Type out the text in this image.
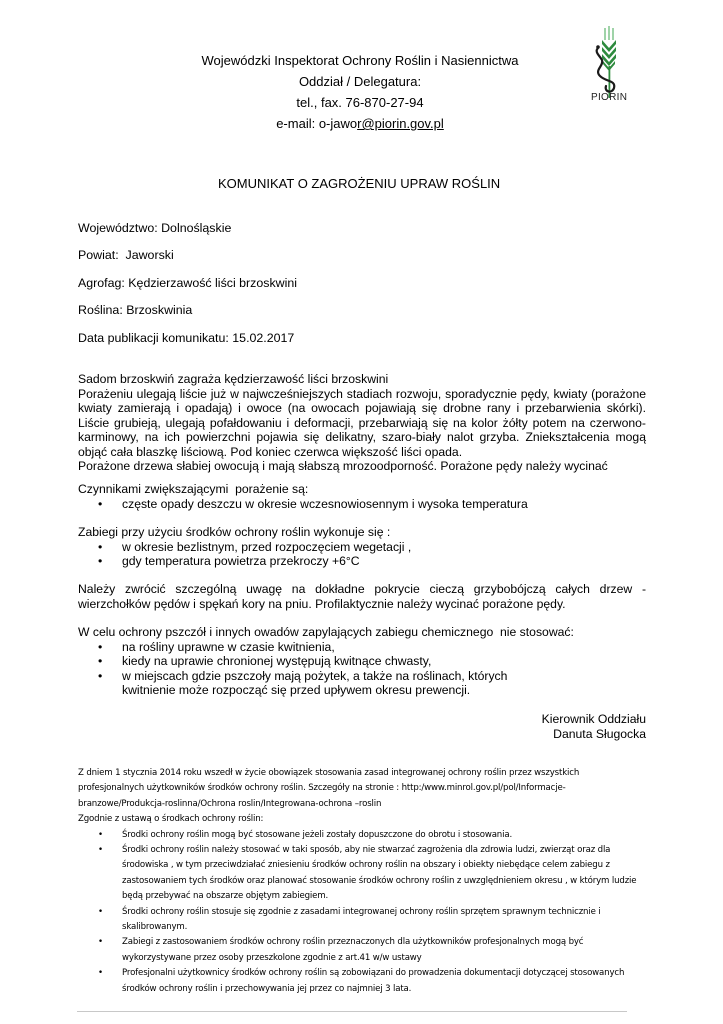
Wojewódzki Inspektorat Ochrony Roślin i Nasiennictwa
Oddział / Delegatura:
tel., fax. 76-870-27-94
e-mail: o-jawor@piorin.gov.pl
PIORIN
KOMUNIKAT O ZAGROŻENIU UPRAW ROŚLIN
Województwo: Dolnośląskie
Powiat:  Jaworski
Agrofag: Kędzierzawość liści brzoskwini
Roślina: Brzoskwinia
Data publikacji komunikatu: 15.02.2017
Sadom brzoskwiń zagraża kędzierzawość liści brzoskwini
Porażeniu ulegają liście już w najwcześniejszych stadiach rozwoju, sporadycznie pędy, kwiaty (porażone kwiaty zamierają i opadają) i owoce (na owocach pojawiają się drobne rany i przebarwienia skórki). Liście grubieją, ulegają pofałdowaniu i deformacji, przebarwiają się na kolor żółty potem na czerwono-karminowy, na ich powierzchni pojawia się delikatny, szaro-biały nalot grzyba. Zniekształcenia mogą objąć cała blaszkę liściową. Pod koniec czerwca większość liści opada.
Porażone drzewa słabiej owocują i mają słabszą mrozoodporność. Porażone pędy należy wycinać
Czynnikami zwiększającymi  porażenie są:
• częste opady deszczu w okresie wczesnowiosennym i wysoka temperatura
Zabiegi przy użyciu środków ochrony roślin wykonuje się :
• w okresie bezlistnym, przed rozpoczęciem wegetacji ,
• gdy temperatura powietrza przekroczy +6°C
Należy zwrócić szczególną uwagę na dokładne pokrycie cieczą grzybobójczą całych drzew - wierzchołków pędów i spękań kory na pniu. Profilaktycznie należy wycinać porażone pędy.
W celu ochrony pszczół i innych owadów zapylających zabiegu chemicznego  nie stosować:
• na rośliny uprawne w czasie kwitnienia,
• kiedy na uprawie chronionej występują kwitnące chwasty,
• w miejscach gdzie pszczoły mają pożytek, a także na roślinach, których kwitnienie może rozpocząć się przed upływem okresu prewencji.
Kierownik Oddziału
Danuta Sługocka
Z dniem 1 stycznia 2014 roku wszedł w życie obowiązek stosowania zasad integrowanej ochrony roślin przez wszystkich profesjonalnych użytkowników środków ochrony roślin. Szczegóły na stronie : http:/www.minrol.gov.pl/pol/Informacje-branzowe/Produkcja-roslinna/Ochrona roslin/Integrowana-ochrona –roslin
Zgodnie z ustawą o środkach ochrony roślin:
• Środki ochrony roślin mogą być stosowane jeżeli zostały dopuszczone do obrotu i stosowania.
• Środki ochrony roślin należy stosować w taki sposób, aby nie stwarzać zagrożenia dla zdrowia ludzi, zwierząt oraz dla środowiska , w tym przeciwdziałać zniesieniu środków ochrony roślin na obszary i obiekty niebędące celem zabiegu z zastosowaniem tych środków oraz planować stosowanie środków ochrony roślin z uwzględnieniem okresu , w którym ludzie będą przebywać na obszarze objętym zabiegiem.
• Środki ochrony roślin stosuje się zgodnie z zasadami integrowanej ochrony roślin sprzętem sprawnym technicznie i skalibrowanym.
• Zabiegi z zastosowaniem środków ochrony roślin przeznaczonych dla użytkowników profesjonalnych mogą być wykorzystywane przez osoby przeszkolone zgodnie z art.41 w/w ustawy
• Profesjonalni użytkownicy środków ochrony roślin są zobowiązani do prowadzenia dokumentacji dotyczącej stosowanych środków ochrony roślin i przechowywania jej przez co najmniej 3 lata.
